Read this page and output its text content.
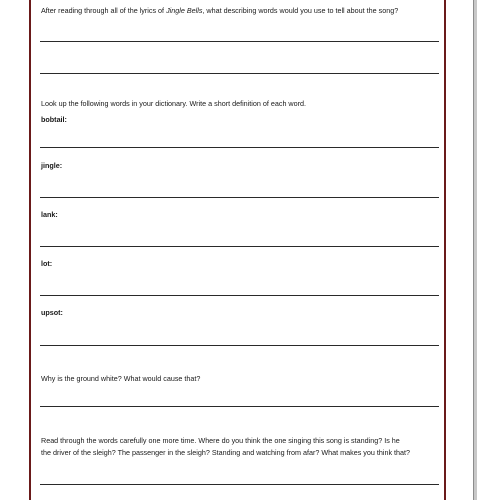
After reading through all of the lyrics of Jingle Bells, what describing words would you use to tell about the song?
Look up the following words in your dictionary. Write a short definition of each word.
bobtail:
jingle:
lank:
lot:
upsot:
Why is the ground white? What would cause that?
Read through the words carefully one more time. Where do you think the one singing this song is standing? Is he
the driver of the sleigh? The passenger in the sleigh? Standing and watching from afar? What makes you think that?
